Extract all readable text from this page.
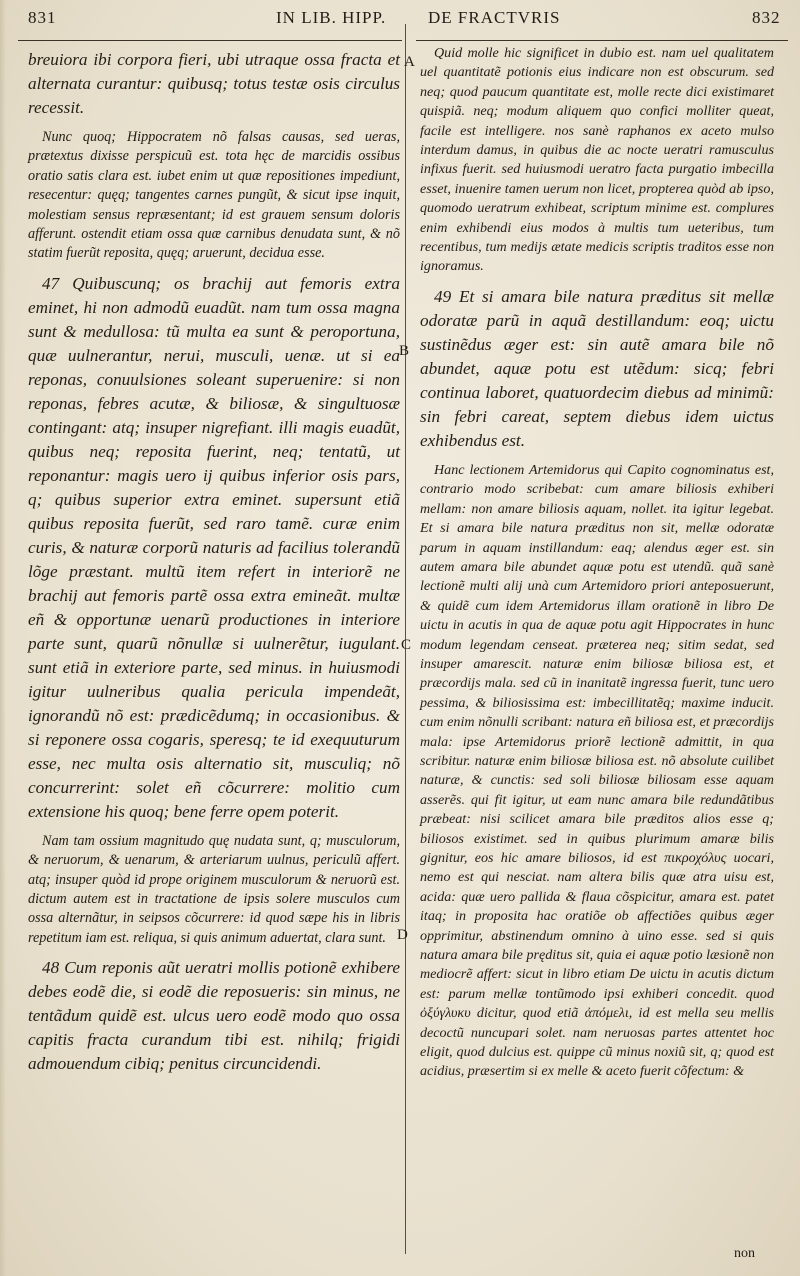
831	IN LIB. HIPP. DE FRACTVRIS	832
A
B
C
D

breuiora ibi corpora fieri, ubi utraque ossa fracta et alternata curantur: quibusq; totus testæ osis circulus recessit.

Nunc quoq; Hippocratem nõ falsas causas, sed ueras, prætextus dixisse perspicuũ est. tota hęc de marcidis ossibus oratio satis clara est. iubet enim ut quæ repositiones impediunt, resecentur: quęq; tangentes carnes pungũt, & sicut ipse inquit, molestiam sensus repræsentant; id est grauem sensum doloris afferunt. ostendit etiam ossa quæ carnibus denudata sunt, & nõ statim fuerũt reposita, quęq; aruerunt, decidua esse.

47 Quibuscunq; os brachij aut femoris extra eminet, hi non admodũ euadũt. nam tum ossa magna sunt & medullosa: tũ multa ea sunt & peroportuna, quæ uulnerantur, nerui, musculi, uenæ. ut si ea reponas, conuulsiones soleant superuenire: si non reponas, febres acutæ, & biliosæ, & singultuosæ contingant: atq; insuper nigrefiant. illi magis euadũt, quibus neq; reposita fuerint, neq; tentatũ, ut reponantur: magis uero ij quibus inferior osis pars, q; quibus superior extra eminet. supersunt etiã quibus reposita fuerũt, sed raro tamẽ. curæ enim curis, & naturæ corporũ naturis ad facilius tolerandũ lõge præstant. multũ item refert in interiorẽ ne brachij aut femoris partẽ ossa extra emineãt. multæ eñ & opportunæ uenarũ productiones in interiore parte sunt, quarũ nõnullæ si uulnerẽtur, iugulant. sunt etiã in exteriore parte, sed minus. in huiusmodi igitur uulneribus qualia pericula impendeãt, ignorandũ nõ est: prædicẽdumq; in occasionibus. & si reponere ossa cogaris, speresq; te id exequuturum esse, nec multa osis alternatio sit, musculiq; nõ concurrerint: solet eñ cõcurrere: molitio cum extensione his quoq; bene ferre opem poterit.

Nam tam ossium magnitudo quę nudata sunt, q; musculorum, & neruorum, & uenarum, & arteriarum uulnus, periculũ affert. atq; insuper quòd id prope originem musculorum & neruorũ est. dictum autem est in tractatione de ipsis solere musculos cum ossa alternãtur, in seipsos cõcurrere: id quod sæpe his in libris repetitum iam est. reliqua, si quis animum aduertat, clara sunt.

48 Cum reponis aũt ueratri mollis potionẽ exhibere debes eodẽ die, si eodẽ die reposueris: sin minus, ne tentãdum quidẽ est. ulcus uero eodẽ modo quo ossa capitis fracta curandum tibi est. nihilq; frigidi admouendum cibiq; penitus circuncidendi.

Quid molle hic significet in dubio est. nam uel qualitatem uel quantitatẽ potionis eius indicare non est obscurum. sed neq; quod paucum quantitate est, molle recte dici existimaret quispiã. neq; modum aliquem quo confici molliter queat, facile est intelligere. nos sanè raphanos ex aceto mulso interdum damus, in quibus die ac nocte ueratri ramusculus infixus fuerit. sed huiusmodi ueratro facta purgatio imbecilla esset, inuenire tamen uerum non licet, propterea quòd ab ipso, quomodo ueratrum exhibeat, scriptum minime est. complures enim exhibendi eius modos à multis tum ueteribus, tum recentibus, tum medijs ætate medicis scriptis traditos esse non ignoramus.

49 Et si amara bile natura præditus sit mellæ odoratæ parũ in aquã destillandum: eoq; uictu sustinẽdus æger est: sin autẽ amara bile nõ abundet, aquæ potu est utẽdum: sicq; febri continua laboret, quatuordecim diebus ad minimũ: sin febri careat, septem diebus idem uictus exhibendus est.

Hanc lectionem Artemidorus qui Capito cognominatus est, contrario modo scribebat: cum amare biliosis exhiberi mellam: non amare biliosis aquam, nollet. ita igitur legebat. Et si amara bile natura præditus non sit, mellæ odoratæ parum in aquam instillandum: eaq; alendus æger est. sin autem amara bile abundet aquæ potu est utendũ. quã sanè lectionẽ multi alij unà cum Artemidoro priori anteposuerunt, & quidẽ cum idem Artemidorus illam orationẽ in libro De uictu in acutis in qua de aquæ potu agit Hippocrates in hunc modum legendam censeat. præterea neq; sitim sedat, sed insuper amarescit. naturæ enim biliosæ biliosa est, et præcordijs mala. sed cũ in inanitatẽ ingressa fuerit, tunc uero pessima, & biliosissima est: imbecillitatẽq; maxime inducit. cum enim nõnulli scribant: natura eñ biliosa est, et præcordijs mala: ipse Artemidorus priorẽ lectionẽ admittit, in qua scribitur. naturæ enim biliosæ biliosa est. nõ absolute cuilibet naturæ, & cunctis: sed soli biliosæ biliosam esse aquam asserẽs. qui fit igitur, ut eam nunc amara bile redundãtibus præbeat: nisi scilicet amara bile præditos alios esse q; biliosos existimet. sed in quibus plurimum amaræ bilis gignitur, eos hic amare biliosos, id est πικροχόλυς uocari, nemo est qui nesciat. nam altera bilis quæ atra uisu est, acida: quæ uero pallida & flaua cõspicitur, amara est. patet itaq; in proposita hac oratiõe ob affectiões quibus æger opprimitur, abstinendum omnino à uino esse. sed si quis natura amara bile pręditus sit, quia ei aquæ potio læsionẽ non mediocrẽ affert: sicut in libro etiam De uictu in acutis dictum est: parum mellæ tontũmodo ipsi exhiberi concedit. quod ὀξύγλυκυ dicitur, quod etiã ἀπόμελι, id est mella seu mellis decoctũ nuncupari solet. nam neruosas partes attentet hoc eligit, quod dulcius est. quippe cũ minus noxiũ sit, q; quod est acidius, præsertim si ex melle & aceto fuerit cõfectum: &

non
